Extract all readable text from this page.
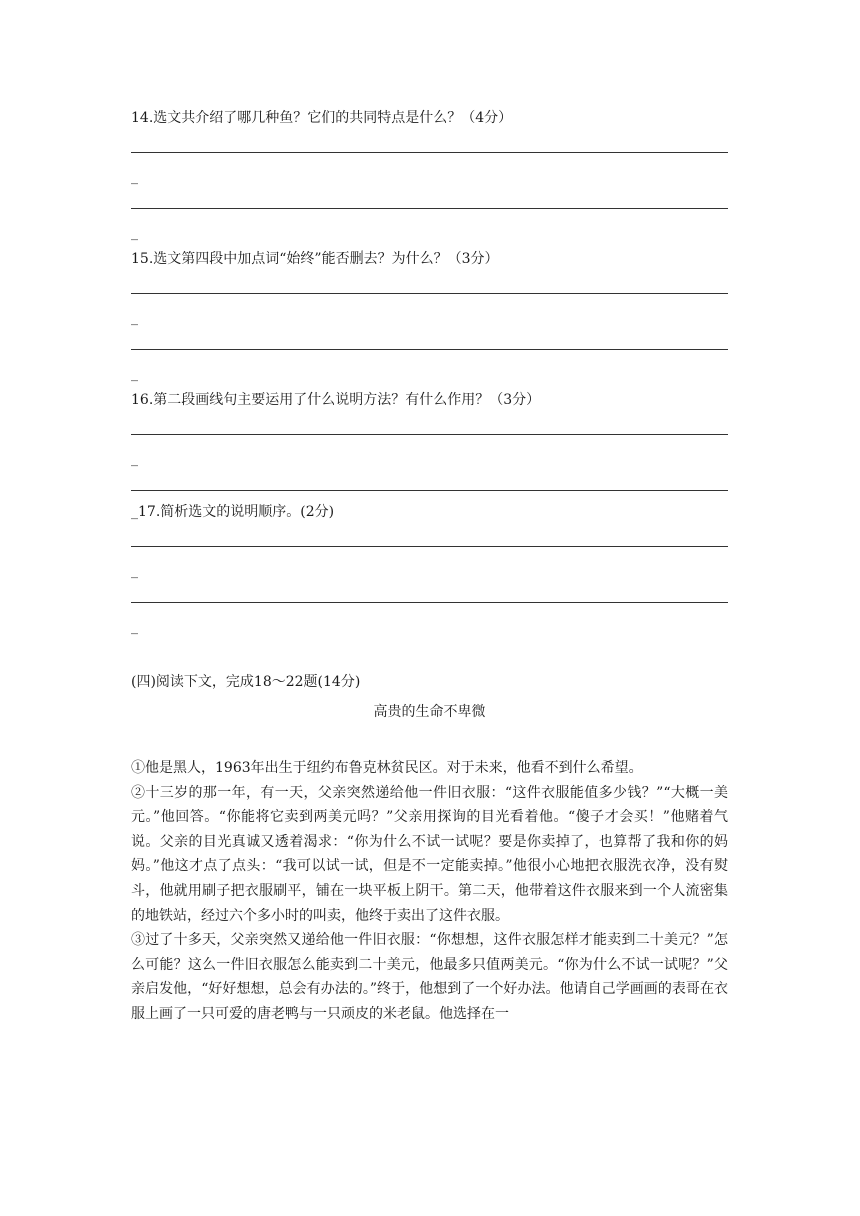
14.选文共介绍了哪几种鱼？它们的共同特点是什么？（4分）
_
_
15.选文第四段中加点词“始终”能否删去？为什么？（3分）
_
_
16.第二段画线句主要运用了什么说明方法？有什么作用？（3分）
_
_17.简析选文的说明顺序。(2分)
_
_
(四)阅读下文，完成18～22题(14分)
高贵的生命不卑微

①他是黑人，1963年出生于纽约布鲁克林贫民区。对于未来，他看不到什么希望。

②十三岁的那一年，有一天，父亲突然递给他一件旧衣服：“这件衣服能值多少钱？”“大概一美元。”他回答。“你能将它卖到两美元吗？”父亲用探询的目光看着他。“傻子才会买！”他赌着气说。父亲的目光真诚又透着渴求：“你为什么不试一试呢？要是你卖掉了，也算帮了我和你的妈妈。”他这才点了点头：“我可以试一试，但是不一定能卖掉。”他很小心地把衣服洗衣净，没有熨斗，他就用刷子把衣服刷平，铺在一块平板上阴干。第二天，他带着这件衣服来到一个人流密集的地铁站，经过六个多小时的叫卖，他终于卖出了这件衣服。

③过了十多天，父亲突然又递给他一件旧衣服：“你想想，这件衣服怎样才能卖到二十美元？”怎么可能？这么一件旧衣服怎么能卖到二十美元，他最多只值两美元。“你为什么不试一试呢？”父亲启发他，“好好想想，总会有办法的。”终于，他想到了一个好办法。他请自己学画画的表哥在衣服上画了一只可爱的唐老鸭与一只顽皮的米老鼠。他选择在一
